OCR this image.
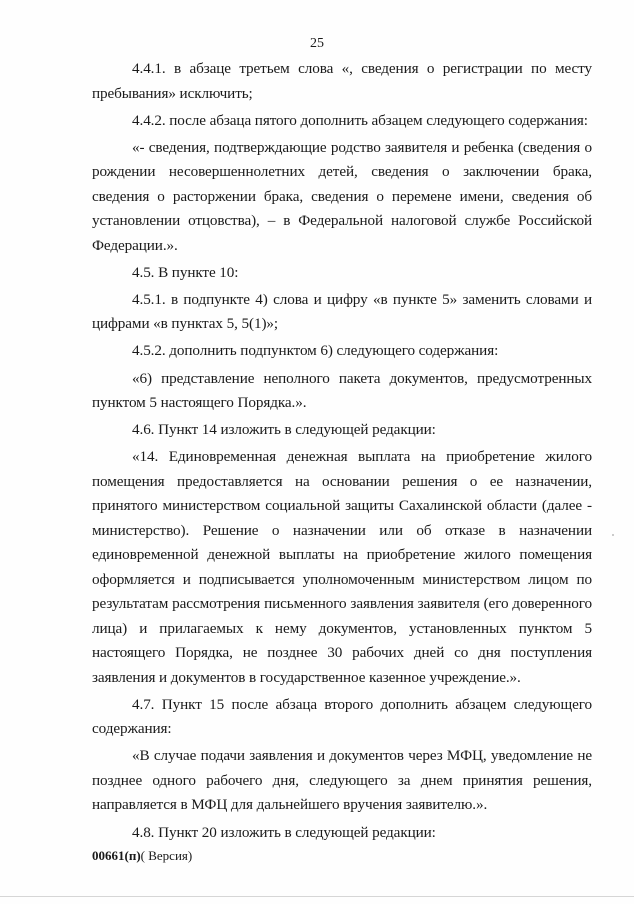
25

4.4.1. в абзаце третьем слова «, сведения о регистрации по месту пребывания» исключить;

4.4.2. после абзаца пятого дополнить абзацем следующего содержания:

«- сведения, подтверждающие родство заявителя и ребенка (сведения о рождении несовершеннолетних детей, сведения о заключении брака, сведения о расторжении брака, сведения о перемене имени, сведения об установлении отцовства), – в Федеральной налоговой службе Российской Федерации.».

4.5. В пункте 10:

4.5.1. в подпункте 4) слова и цифру «в пункте 5» заменить словами и цифрами «в пунктах 5, 5(1)»;

4.5.2. дополнить подпунктом 6) следующего содержания:

«6) представление неполного пакета документов, предусмотренных пунктом 5 настоящего Порядка.».

4.6. Пункт 14 изложить в следующей редакции:

«14. Единовременная денежная выплата на приобретение жилого помещения предоставляется на основании решения о ее назначении, принятого министерством социальной защиты Сахалинской области (далее - министерство). Решение о назначении или об отказе в назначении единовременной денежной выплаты на приобретение жилого помещения оформляется и подписывается уполномоченным министерством лицом по результатам рассмотрения письменного заявления заявителя (его доверенного лица) и прилагаемых к нему документов, установленных пунктом 5 настоящего Порядка, не позднее 30 рабочих дней со дня поступления заявления и документов в государственное казенное учреждение.».

4.7. Пункт 15 после абзаца второго дополнить абзацем следующего содержания:

«В случае подачи заявления и документов через МФЦ, уведомление не позднее одного рабочего дня, следующего за днем принятия решения, направляется в МФЦ для дальнейшего вручения заявителю.».

4.8. Пункт 20 изложить в следующей редакции:

00661(п)( Версия)
